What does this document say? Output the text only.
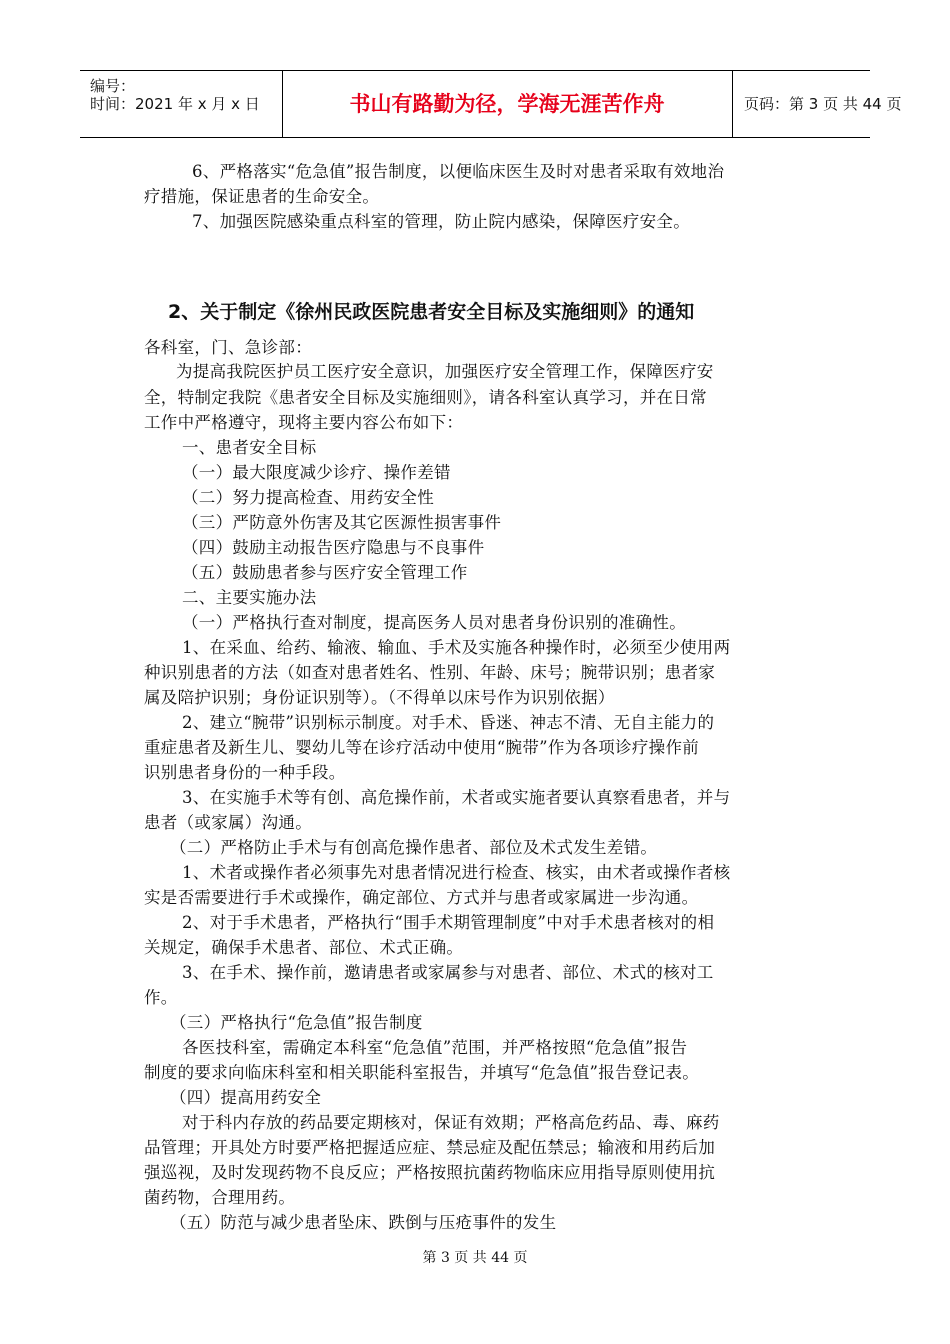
编号：
时间：2021 年 x 月 x 日	书山有路勤为径，学海无涯苦作舟	页码：第 3 页 共 44 页
6、严格落实“危急值”报告制度，以便临床医生及时对患者采取有效地治
疗措施，保证患者的生命安全。
7、加强医院感染重点科室的管理，防止院内感染，保障医疗安全。
2、关于制定《徐州民政医院患者安全目标及实施细则》的通知
各科室，门、急诊部：
为提高我院医护员工医疗安全意识，加强医疗安全管理工作，保障医疗安
全，特制定我院《患者安全目标及实施细则》，请各科室认真学习，并在日常
工作中严格遵守，现将主要内容公布如下：
一、患者安全目标
（一）最大限度减少诊疗、操作差错
（二）努力提高检查、用药安全性
（三）严防意外伤害及其它医源性损害事件
（四）鼓励主动报告医疗隐患与不良事件
（五）鼓励患者参与医疗安全管理工作
二、主要实施办法
（一）严格执行查对制度，提高医务人员对患者身份识别的准确性。
1、在采血、给药、输液、输血、手术及实施各种操作时，必须至少使用两
种识别患者的方法（如查对患者姓名、性别、年龄、床号；腕带识别；患者家
属及陪护识别；身份证识别等）。（不得单以床号作为识别依据）
2、建立“腕带”识别标示制度。对手术、昏迷、神志不清、无自主能力的
重症患者及新生儿、婴幼儿等在诊疗活动中使用“腕带”作为各项诊疗操作前
识别患者身份的一种手段。
3、在实施手术等有创、高危操作前，术者或实施者要认真察看患者，并与
患者（或家属）沟通。
（二）严格防止手术与有创高危操作患者、部位及术式发生差错。
1、术者或操作者必须事先对患者情况进行检查、核实，由术者或操作者核
实是否需要进行手术或操作，确定部位、方式并与患者或家属进一步沟通。
2、对于手术患者，严格执行“围手术期管理制度”中对手术患者核对的相
关规定，确保手术患者、部位、术式正确。
3、在手术、操作前，邀请患者或家属参与对患者、部位、术式的核对工
作。
（三）严格执行“危急值”报告制度
各医技科室，需确定本科室“危急值”范围，并严格按照“危急值”报告
制度的要求向临床科室和相关职能科室报告，并填写“危急值”报告登记表。
（四）提高用药安全
对于科内存放的药品要定期核对，保证有效期；严格高危药品、毒、麻药
品管理；开具处方时要严格把握适应症、禁忌症及配伍禁忌；输液和用药后加
强巡视，及时发现药物不良反应；严格按照抗菌药物临床应用指导原则使用抗
菌药物，合理用药。
（五）防范与减少患者坠床、跌倒与压疮事件的发生
第 3 页 共 44 页
